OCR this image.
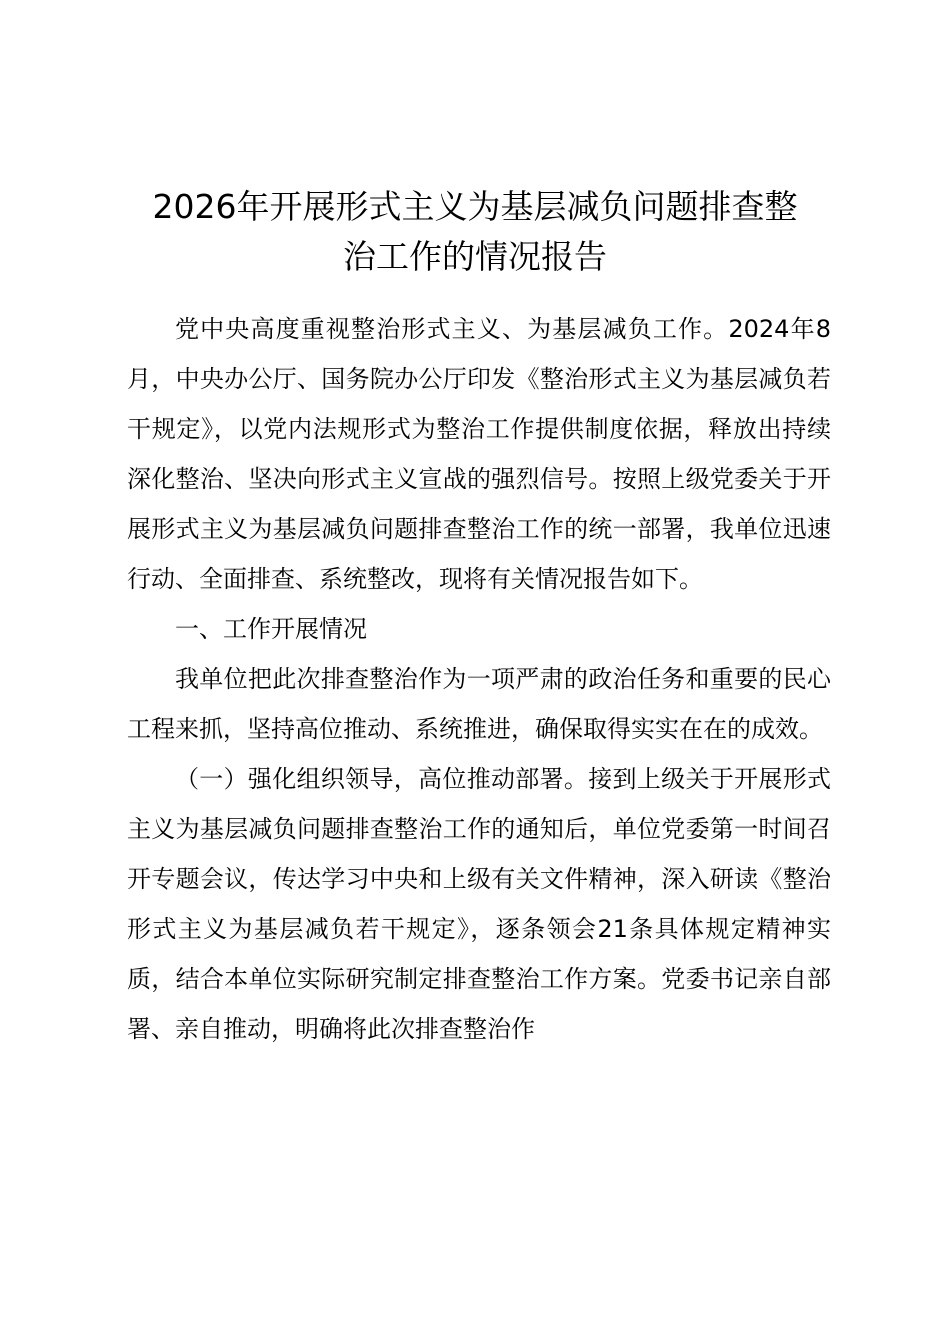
2026年开展形式主义为基层减负问题排查整
治工作的情况报告

党中央高度重视整治形式主义、为基层减负工作。2024年8月，中央办公厅、国务院办公厅印发《整治形式主义为基层减负若干规定》，以党内法规形式为整治工作提供制度依据，释放出持续深化整治、坚决向形式主义宣战的强烈信号。按照上级党委关于开展形式主义为基层减负问题排查整治工作的统一部署，我单位迅速行动、全面排查、系统整改，现将有关情况报告如下。

一、工作开展情况

我单位把此次排查整治作为一项严肃的政治任务和重要的民心工程来抓，坚持高位推动、系统推进，确保取得实实在在的成效。

（一）强化组织领导，高位推动部署。接到上级关于开展形式主义为基层减负问题排查整治工作的通知后，单位党委第一时间召开专题会议，传达学习中央和上级有关文件精神，深入研读《整治形式主义为基层减负若干规定》，逐条领会21条具体规定精神实质，结合本单位实际研究制定排查整治工作方案。党委书记亲自部署、亲自推动，明确将此次排查整治作
